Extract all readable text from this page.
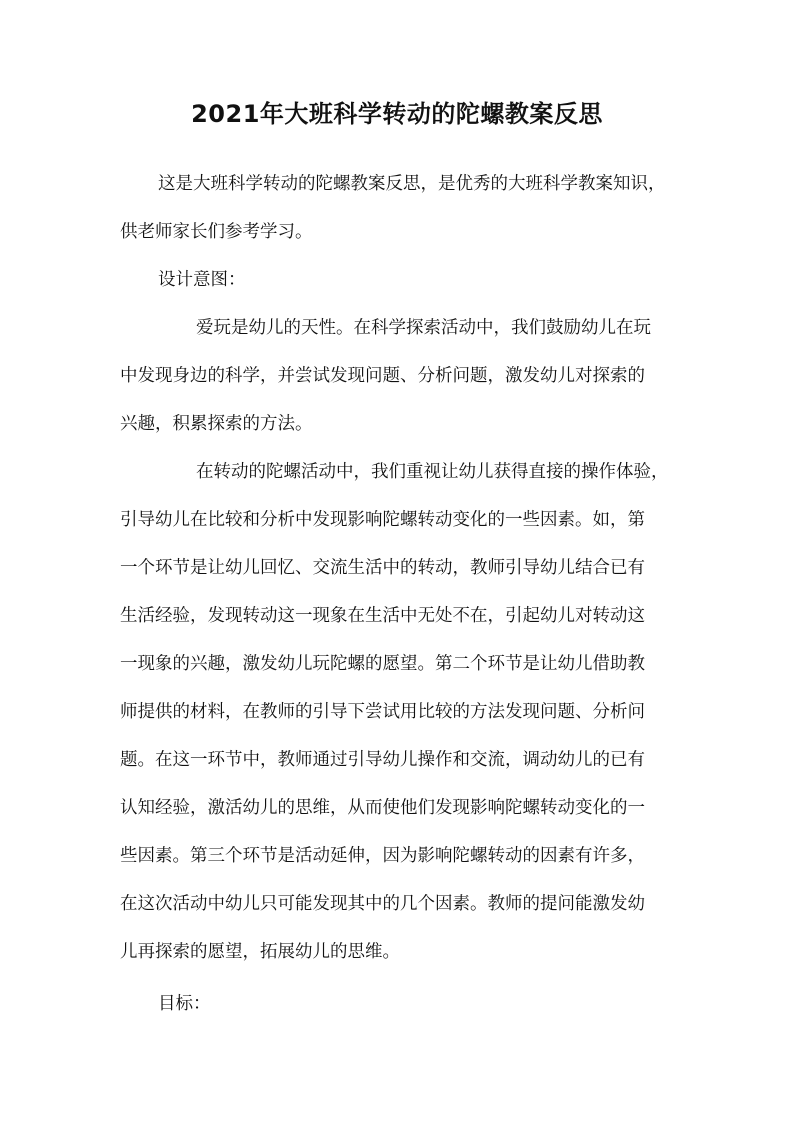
2021年大班科学转动的陀螺教案反思
这是大班科学转动的陀螺教案反思，是优秀的大班科学教案知识，
供老师家长们参考学习。
设计意图：
爱玩是幼儿的天性。在科学探索活动中，我们鼓励幼儿在玩
中发现身边的科学，并尝试发现问题、分析问题，激发幼儿对探索的
兴趣，积累探索的方法。
在转动的陀螺活动中，我们重视让幼儿获得直接的操作体验，
引导幼儿在比较和分析中发现影响陀螺转动变化的一些因素。如，第
一个环节是让幼儿回忆、交流生活中的转动，教师引导幼儿结合已有
生活经验，发现转动这一现象在生活中无处不在，引起幼儿对转动这
一现象的兴趣，激发幼儿玩陀螺的愿望。第二个环节是让幼儿借助教
师提供的材料，在教师的引导下尝试用比较的方法发现问题、分析问
题。在这一环节中，教师通过引导幼儿操作和交流，调动幼儿的已有
认知经验，激活幼儿的思维，从而使他们发现影响陀螺转动变化的一
些因素。第三个环节是活动延伸，因为影响陀螺转动的因素有许多，
在这次活动中幼儿只可能发现其中的几个因素。教师的提问能激发幼
儿再探索的愿望，拓展幼儿的思维。
目标：
